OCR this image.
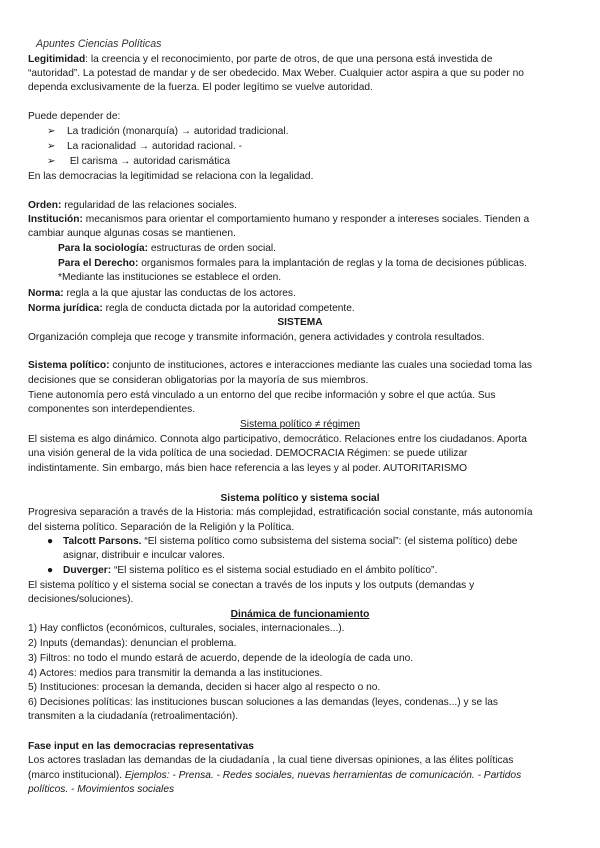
Apuntes Ciencias Políticas
Legitimidad: la creencia y el reconocimiento, por parte de otros, de que una persona está investida de
“autoridad”. La potestad de mandar y de ser obedecido. Max Weber. Cualquier actor aspira a que su poder no
dependa exclusivamente de la fuerza. El poder legítimo se vuelve autoridad.
Puede depender de:
➢ La tradición (monarquía) → autoridad tradicional.
➢ La racionalidad → autoridad racional. -
➢ El carisma → autoridad carismática
En las democracias la legitimidad se relaciona con la legalidad.
Orden: regularidad de las relaciones sociales.
Institución: mecanismos para orientar el comportamiento humano y responder a intereses sociales. Tienden a
cambiar aunque algunas cosas se mantienen.
Para la sociología: estructuras de orden social.
Para el Derecho: organismos formales para la implantación de reglas y la toma de decisiones públicas.
*Mediante las instituciones se establece el orden.
Norma: regla a la que ajustar las conductas de los actores.
Norma jurídica: regla de conducta dictada por la autoridad competente.
SISTEMA
Organización compleja que recoge y transmite información, genera actividades y controla resultados.
Sistema político: conjunto de instituciones, actores e interacciones mediante las cuales una sociedad toma las
decisiones que se consideran obligatorias por la mayoría de sus miembros.
Tiene autonomía pero está vinculado a un entorno del que recibe información y sobre el que actúa. Sus
componentes son interdependientes.
Sistema político ≠ régimen
El sistema es algo dinámico. Connota algo participativo, democrático. Relaciones entre los ciudadanos. Aporta
una visión general de la vida política de una sociedad. DEMOCRACIA Régimen: se puede utilizar
indistintamente. Sin embargo, más bien hace referencia a las leyes y al poder. AUTORITARISMO
Sistema político y sistema social
Progresiva separación a través de la Historia: más complejidad, estratificación social constante, más autonomía
del sistema político. Separación de la Religión y la Política.
● Talcott Parsons. “El sistema político como subsistema del sistema social”: (el sistema político) debe
asignar, distribuir e inculcar valores.
● Duverger: “El sistema político es el sistema social estudiado en el ámbito político”.
El sistema político y el sistema social se conectan a través de los inputs y los outputs (demandas y
decisiones/soluciones).
Dinámica de funcionamiento
1) Hay conflictos (económicos, culturales, sociales, internacionales...).
2) Inputs (demandas): denuncian el problema.
3) Filtros: no todo el mundo estará de acuerdo, depende de la ideología de cada uno.
4) Actores: medios para transmitir la demanda a las instituciones.
5) Instituciones: procesan la demanda, deciden si hacer algo al respecto o no.
6) Decisiones políticas: las instituciones buscan soluciones a las demandas (leyes, condenas...) y se las
transmiten a la ciudadanía (retroalimentación).
Fase input en las democracias representativas
Los actores trasladan las demandas de la ciudadanía , la cual tiene diversas opiniones, a las élites políticas
(marco institucional). Ejemplos: - Prensa. - Redes sociales, nuevas herramientas de comunicación. - Partidos
políticos. - Movimientos sociales
